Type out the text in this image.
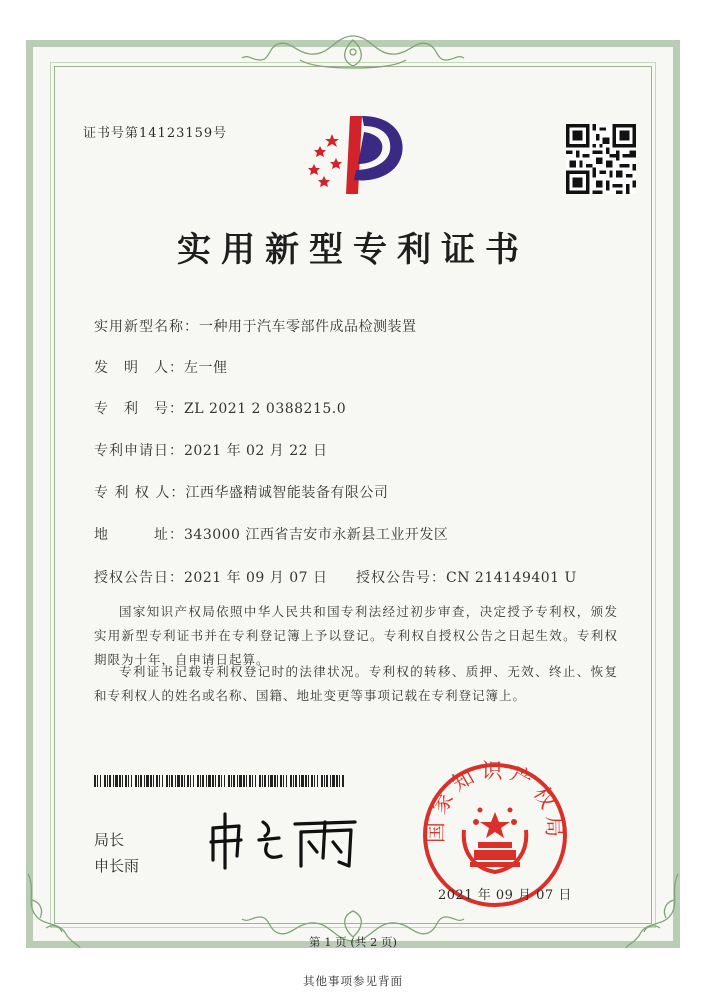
证书号第14123159号
实用新型专利证书
实用新型名称：一种用于汽车零部件成品检测装置
发　明　人：左一俚
专　利　号：ZL 2021 2 0388215.0
专利申请日：2021 年 02 月 22 日
专 利 权 人：江西华盛精诚智能装备有限公司
地　　　址：343000 江西省吉安市永新县工业开发区
授权公告日：2021 年 09 月 07 日 授权公告号：CN 214149401 U
国家知识产权局依照中华人民共和国专利法经过初步审查，决定授予专利权，颁发实用新型专利证书并在专利登记簿上予以登记。专利权自授权公告之日起生效。专利权期限为十年，自申请日起算。
专利证书记载专利权登记时的法律状况。专利权的转移、质押、无效、终止、恢复和专利权人的姓名或名称、国籍、地址变更等事项记载在专利登记簿上。
局长
申长雨
国家知识产权局
2021 年 09 月 07 日
第 1 页 (共 2 页)
其他事项参见背面
